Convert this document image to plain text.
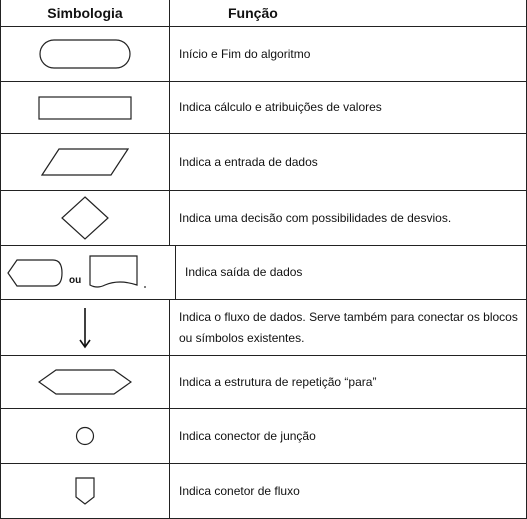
Simbologia	Função
Início e Fim do algoritmo
Indica cálculo e atribuições de valores
Indica a entrada de dados
Indica uma decisão com possibilidades de desvios.
ou
Indica saída de dados
Indica o fluxo de dados. Serve também para conectar os blocos ou símbolos existentes.
Indica a estrutura de repetição “para”
Indica conector de junção
Indica conetor de fluxo
